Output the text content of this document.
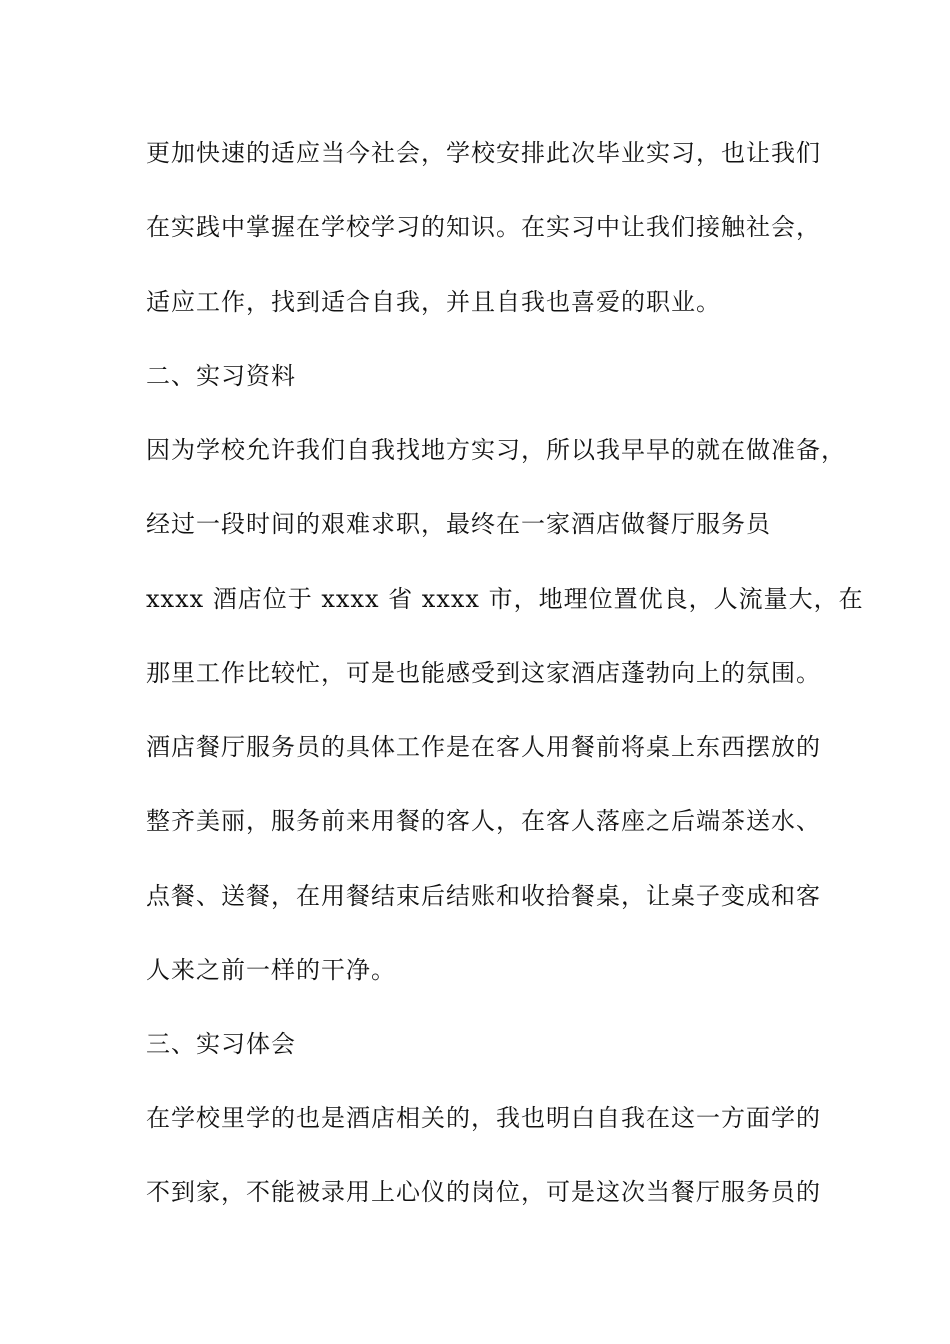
更加快速的适应当今社会，学校安排此次毕业实习，也让我们
在实践中掌握在学校学习的知识。在实习中让我们接触社会，
适应工作，找到适合自我，并且自我也喜爱的职业。
二、实习资料
因为学校允许我们自我找地方实习，所以我早早的就在做准备，
经过一段时间的艰难求职，最终在一家酒店做餐厅服务员
xxxx 酒店位于 xxxx 省 xxxx 市，地理位置优良，人流量大，在
那里工作比较忙，可是也能感受到这家酒店蓬勃向上的氛围。
酒店餐厅服务员的具体工作是在客人用餐前将桌上东西摆放的
整齐美丽，服务前来用餐的客人，在客人落座之后端茶送水、
点餐、送餐，在用餐结束后结账和收拾餐桌，让桌子变成和客
人来之前一样的干净。
三、实习体会
在学校里学的也是酒店相关的，我也明白自我在这一方面学的
不到家，不能被录用上心仪的岗位，可是这次当餐厅服务员的
